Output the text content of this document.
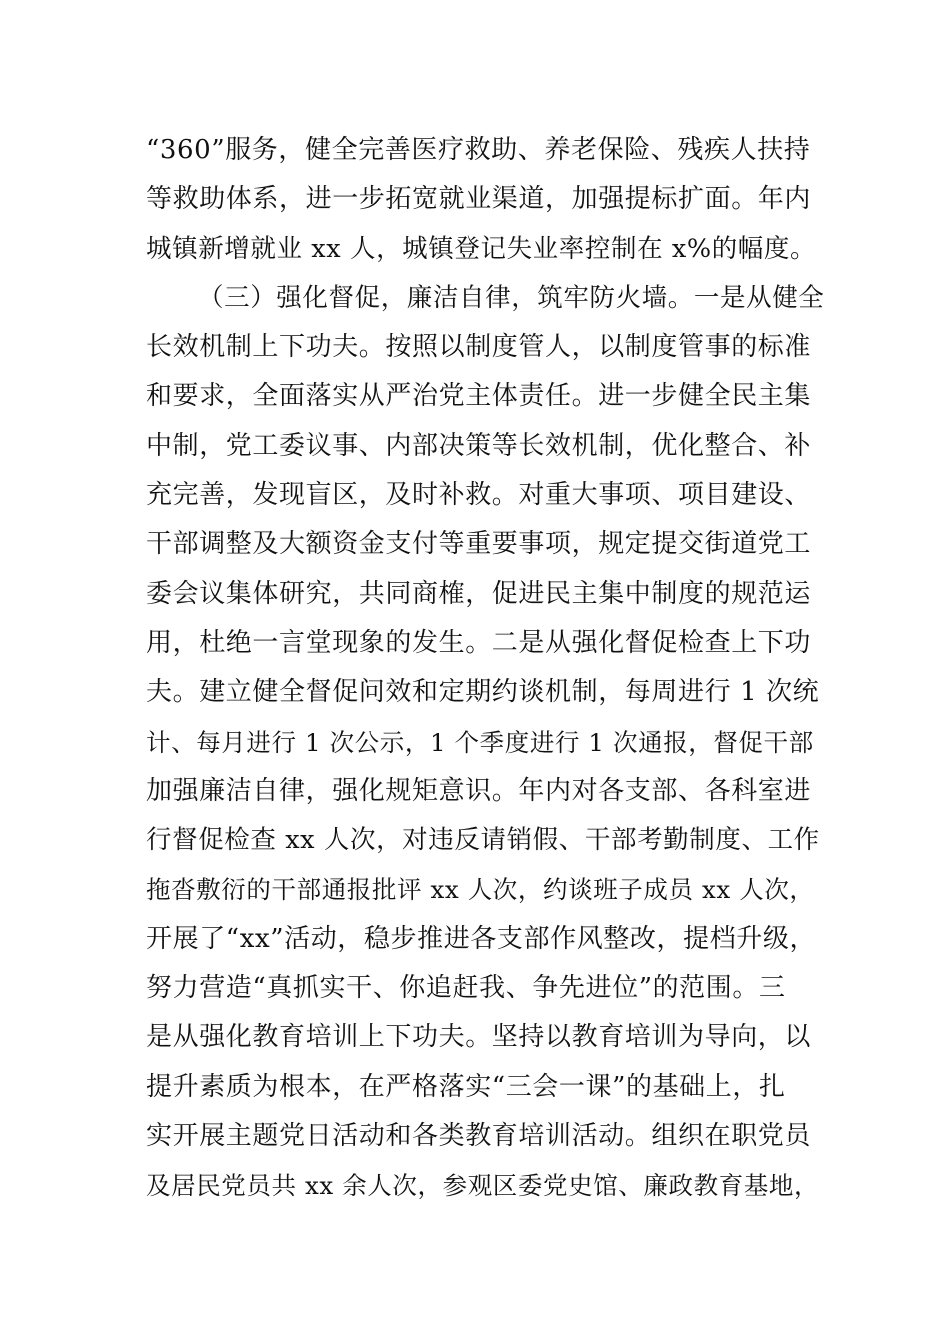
“360”服务，健全完善医疗救助、养老保险、残疾人扶持
等救助体系，进一步拓宽就业渠道，加强提标扩面。年内
城镇新增就业 xx 人，城镇登记失业率控制在 x%的幅度。
（三）强化督促，廉洁自律，筑牢防火墙。一是从健全
长效机制上下功夫。按照以制度管人，以制度管事的标准
和要求，全面落实从严治党主体责任。进一步健全民主集
中制，党工委议事、内部决策等长效机制，优化整合、补
充完善，发现盲区，及时补救。对重大事项、项目建设、
干部调整及大额资金支付等重要事项，规定提交街道党工
委会议集体研究，共同商榷，促进民主集中制度的规范运
用，杜绝一言堂现象的发生。二是从强化督促检查上下功
夫。建立健全督促问效和定期约谈机制，每周进行 1 次统
计、每月进行 1 次公示，1 个季度进行 1 次通报，督促干部
加强廉洁自律，强化规矩意识。年内对各支部、各科室进
行督促检查 xx 人次，对违反请销假、干部考勤制度、工作
拖沓敷衍的干部通报批评 xx 人次，约谈班子成员 xx 人次，
开展了“xx”活动，稳步推进各支部作风整改，提档升级，
努力营造“真抓实干、你追赶我、争先进位”的范围。三
是从强化教育培训上下功夫。坚持以教育培训为导向，以
提升素质为根本，在严格落实“三会一课”的基础上，扎
实开展主题党日活动和各类教育培训活动。组织在职党员
及居民党员共 xx 余人次，参观区委党史馆、廉政教育基地，
